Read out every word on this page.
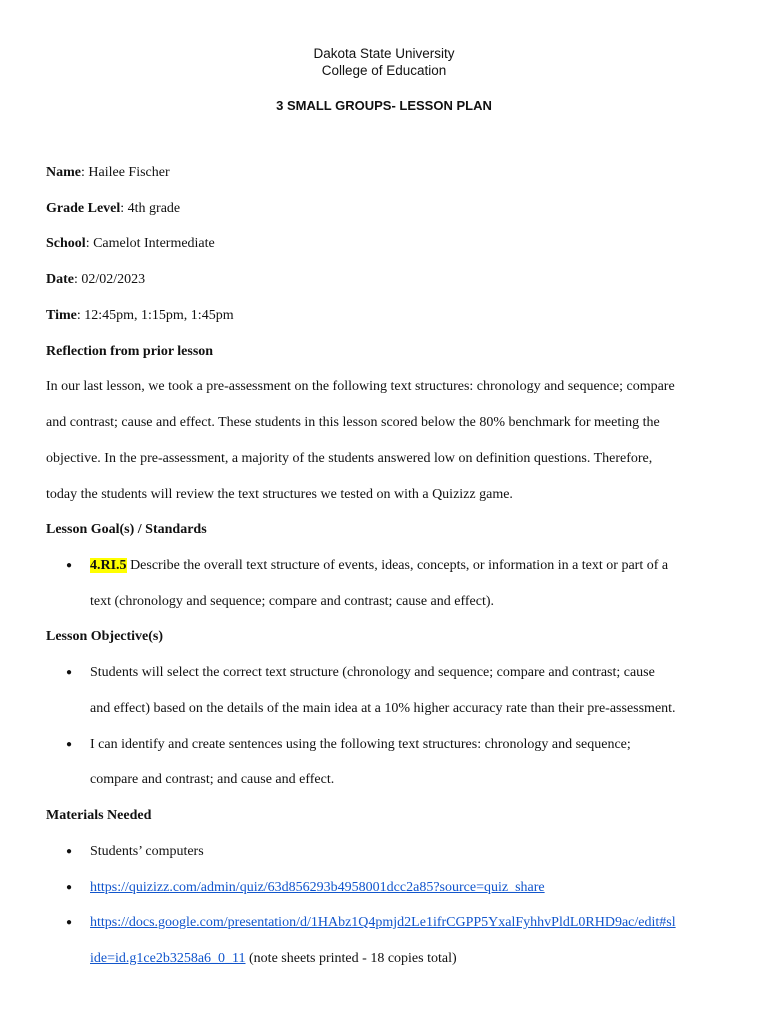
Dakota State University
College of Education
3 SMALL GROUPS- LESSON PLAN
Name: Hailee Fischer
Grade Level: 4th grade
School: Camelot Intermediate
Date: 02/02/2023
Time: 12:45pm, 1:15pm, 1:45pm
Reflection from prior lesson
In our last lesson, we took a pre-assessment on the following text structures: chronology and sequence; compare
and contrast; cause and effect. These students in this lesson scored below the 80% benchmark for meeting the
objective. In the pre-assessment, a majority of the students answered low on definition questions. Therefore,
today the students will review the text structures we tested on with a Quizizz game.
Lesson Goal(s) / Standards
● 4.RI.5 Describe the overall text structure of events, ideas, concepts, or information in a text or part of a
text (chronology and sequence; compare and contrast; cause and effect).
Lesson Objective(s)
● Students will select the correct text structure (chronology and sequence; compare and contrast; cause
and effect) based on the details of the main idea at a 10% higher accuracy rate than their pre-assessment.
● I can identify and create sentences using the following text structures: chronology and sequence;
compare and contrast; and cause and effect.
Materials Needed
● Students’ computers
● https://quizizz.com/admin/quiz/63d856293b4958001dcc2a85?source=quiz_share
● https://docs.google.com/presentation/d/1HAbz1Q4pmjd2Le1ifrCGPP5YxalFyhhvPldL0RHD9ac/edit#sl
ide=id.g1ce2b3258a6_0_11 (note sheets printed - 18 copies total)
